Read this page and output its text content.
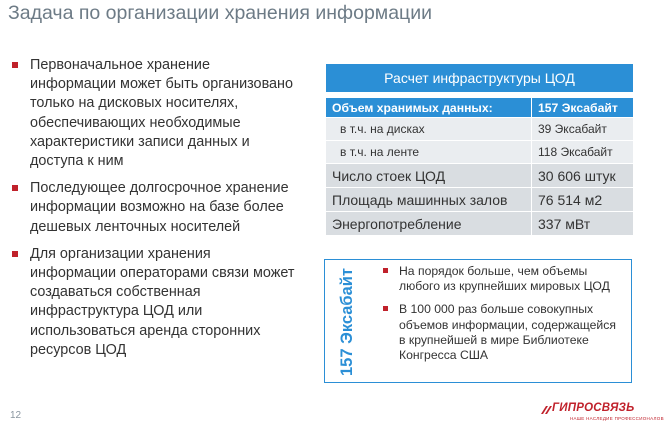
Задача по организации хранения информации
Первоначальное хранение информации может быть организовано только на дисковых носителях, обеспечивающих необходимые характеристики записи данных и доступа к ним
Последующее долгосрочное хранение информации возможно на базе более дешевых ленточных носителей
Для организации хранения информации операторами связи может создаваться собственная инфраструктура ЦОД или использоваться аренда сторонних ресурсов ЦОД
Расчет инфраструктуры ЦОД
Объем хранимых данных:	157 Эксабайт
в т.ч. на дисках	39 Эксабайт
в т.ч. на ленте	118 Эксабайт
Число стоек ЦОД	30 606 штук
Площадь машинных залов	76 514 м2
Энергопотребление	337 мВт
157 Эксабайт	На порядок больше, чем объемы любого из крупнейших мировых ЦОД
В 100 000 раз больше совокупных объемов информации, содержащейся в крупнейшей в мире Библиотеке Конгресса США
12
ГИПРОСВЯЗЬ
НАШЕ НАСЛЕДИЕ ПРОФЕССИОНАЛОВ
